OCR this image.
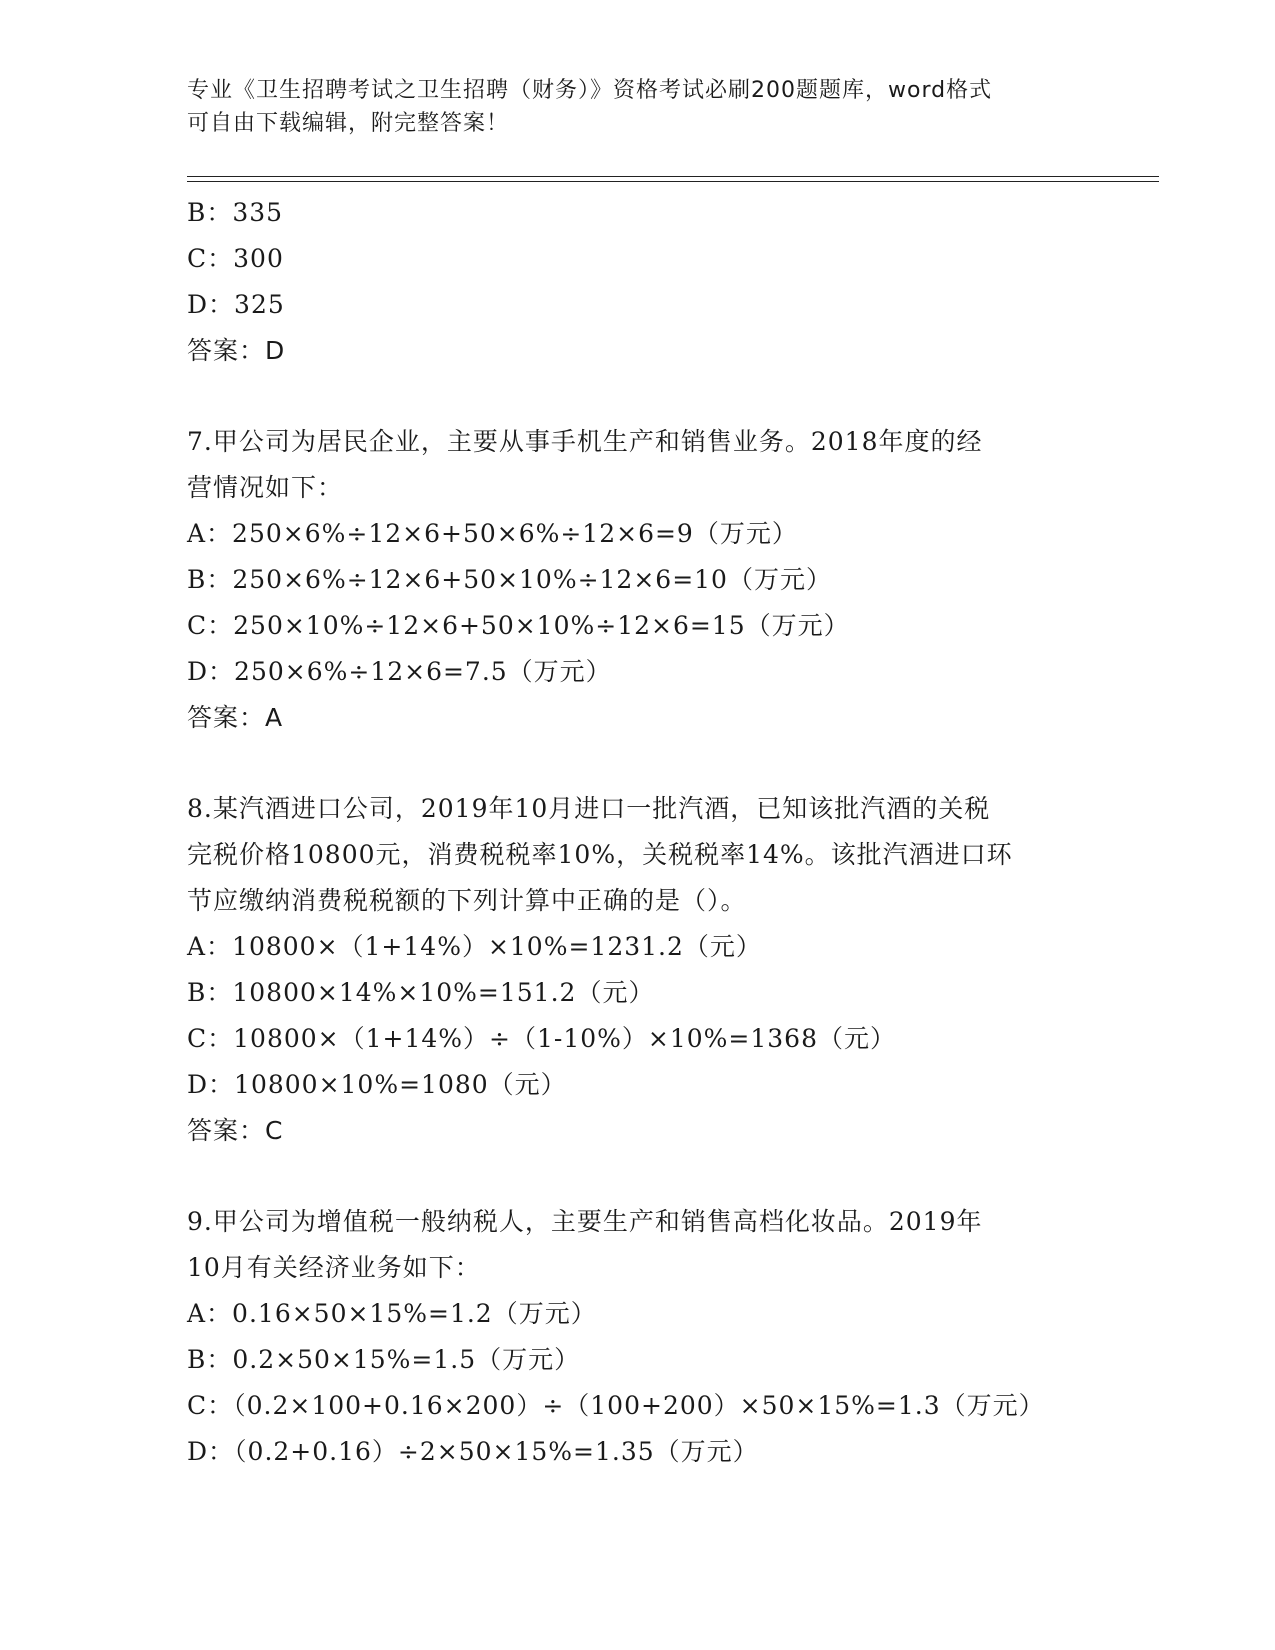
专业《卫生招聘考试之卫生招聘（财务）》资格考试必刷200题题库，word格式
可自由下载编辑，附完整答案！
B：335
C：300
D：325
答案：D
7.甲公司为居民企业，主要从事手机生产和销售业务。2018年度的经
营情况如下：
A：250×6%÷12×6+50×6%÷12×6=9（万元）
B：250×6%÷12×6+50×10%÷12×6=10（万元）
C：250×10%÷12×6+50×10%÷12×6=15（万元）
D：250×6%÷12×6=7.5（万元）
答案：A
8.某汽酒进口公司，2019年10月进口一批汽酒，已知该批汽酒的关税
完税价格10800元，消费税税率10%，关税税率14%。该批汽酒进口环
节应缴纳消费税税额的下列计算中正确的是（）。
A：10800×（1+14%）×10%=1231.2（元）
B：10800×14%×10%=151.2（元）
C：10800×（1+14%）÷（1-10%）×10%=1368（元）
D：10800×10%=1080（元）
答案：C
9.甲公司为增值税一般纳税人，主要生产和销售高档化妆品。2019年
10月有关经济业务如下：
A：0.16×50×15%=1.2（万元）
B：0.2×50×15%=1.5（万元）
C：（0.2×100+0.16×200）÷（100+200）×50×15%=1.3（万元）
D：（0.2+0.16）÷2×50×15%=1.35（万元）
